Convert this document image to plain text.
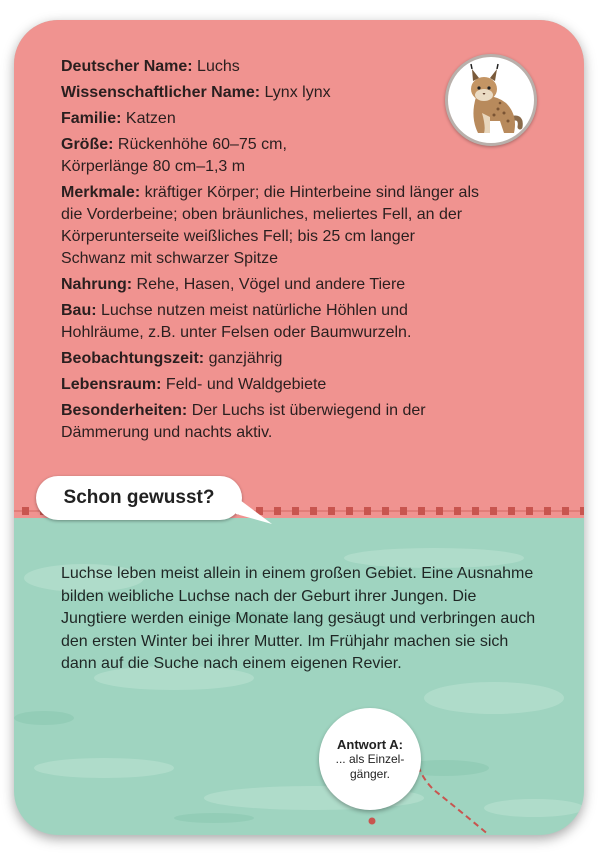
Deutscher Name: Luchs
Wissenschaftlicher Name: Lynx lynx
Familie: Katzen
Größe: Rückenhöhe 60–75 cm,
Körperlänge 80 cm–1,3 m
Merkmale: kräftiger Körper; die Hinterbeine sind länger als die Vorderbeine; oben bräunliches, meliertes Fell, an der Körperunterseite weißliches Fell; bis 25 cm langer Schwanz mit schwarzer Spitze
Nahrung: Rehe, Hasen, Vögel und andere Tiere
Bau: Luchse nutzen meist natürliche Höhlen und Hohlräume, z.B. unter Felsen oder Baumwurzeln.
Beobachtungszeit: ganzjährig
Lebensraum: Feld- und Waldgebiete
Besonderheiten: Der Luchs ist überwiegend in der Dämmerung und nachts aktiv.
Luchse leben meist allein in einem großen Gebiet. Eine Ausnahme bilden weibliche Luchse nach der Geburt ihrer Jungen. Die Jungtiere werden einige Monate lang gesäugt und verbringen auch den ersten Winter bei ihrer Mutter. Im Frühjahr machen sie sich dann auf die Suche nach einem eigenen Revier.
Antwort A:
... als Einzel-
gänger.
Schon gewusst?
